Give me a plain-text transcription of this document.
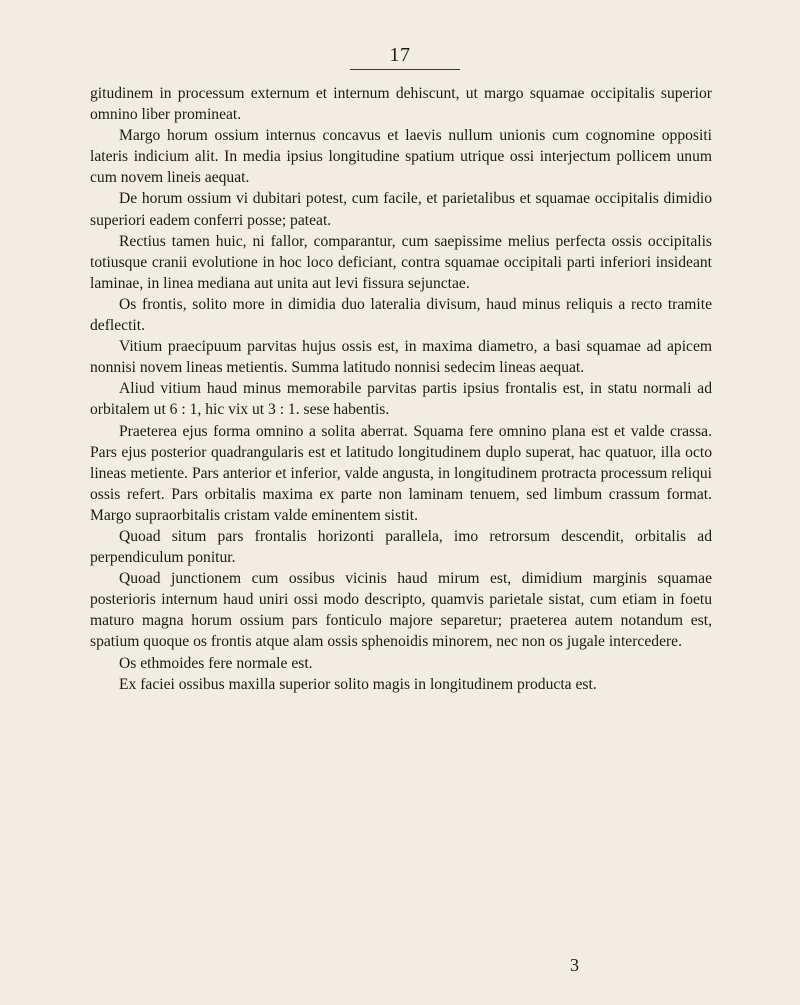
17

gitudinem in processum externum et internum dehiscunt, ut margo squamae occipitalis superior omnino liber promineat.

Margo horum ossium internus concavus et laevis nullum unionis cum cognomine oppositi lateris indicium alit. In media ipsius longitudine spatium utrique ossi interjectum pollicem unum cum novem lineis aequat.

De horum ossium vi dubitari potest, cum facile, et parietalibus et squamae occipitalis dimidio superiori eadem conferri posse; pateat.

Rectius tamen huic, ni fallor, comparantur, cum saepissime melius perfecta ossis occipitalis totiusque cranii evolutione in hoc loco deficiant, contra squamae occipitali parti inferiori insideant laminae, in linea mediana aut unita aut levi fissura sejunctae.

Os frontis, solito more in dimidia duo lateralia divisum, haud minus reliquis a recto tramite deflectit.

Vitium praecipuum parvitas hujus ossis est, in maxima diametro, a basi squamae ad apicem nonnisi novem lineas metientis. Summa latitudo nonnisi sedecim lineas aequat.

Aliud vitium haud minus memorabile parvitas partis ipsius frontalis est, in statu normali ad orbitalem ut 6 : 1, hic vix ut 3 : 1. sese habentis.

Praeterea ejus forma omnino a solita aberrat. Squama fere omnino plana est et valde crassa. Pars ejus posterior quadrangularis est et latitudo longitudinem duplo superat, hac quatuor, illa octo lineas metiente. Pars anterior et inferior, valde angusta, in longitudinem protracta processum reliqui ossis refert. Pars orbitalis maxima ex parte non laminam tenuem, sed limbum crassum format. Margo supraorbitalis cristam valde eminentem sistit.

Quoad situm pars frontalis horizonti parallela, imo retrorsum descendit, orbitalis ad perpendiculum ponitur.

Quoad junctionem cum ossibus vicinis haud mirum est, dimidium marginis squamae posterioris internum haud uniri ossi modo descripto, quamvis parietale sistat, cum etiam in foetu maturo magna horum ossium pars fonticulo majore separetur; praeterea autem notandum est, spatium quoque os frontis atque alam ossis sphenoidis minorem, nec non os jugale intercedere.

Os ethmoides fere normale est.

Ex faciei ossibus maxilla superior solito magis in longitudinem producta est.

3
